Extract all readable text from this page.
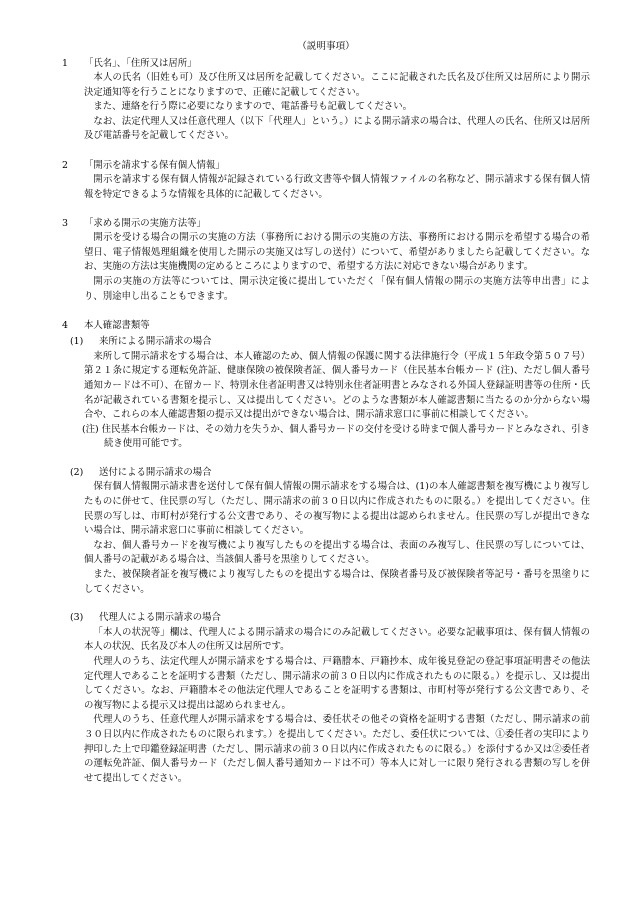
（説明事項）

1 「氏名」、「住所又は居所」

本人の氏名（旧姓も可）及び住所又は居所を記載してください。ここに記載された氏名及び住所又は居所により開示決定通知等を行うことになりますので、正確に記載してください。

また、連絡を行う際に必要になりますので、電話番号も記載してください。

なお、法定代理人又は任意代理人（以下「代理人」という。）による開示請求の場合は、代理人の氏名、住所又は居所及び電話番号を記載してください。

2 「開示を請求する保有個人情報」

開示を請求する保有個人情報が記録されている行政文書等や個人情報ファイルの名称など、開示請求する保有個人情報を特定できるような情報を具体的に記載してください。

3 「求める開示の実施方法等」

開示を受ける場合の開示の実施の方法（事務所における開示の実施の方法、事務所における開示を希望する場合の希望日、電子情報処理組織を使用した開示の実施又は写しの送付）について、希望がありましたら記載してください。なお、実施の方法は実施機関の定めるところによりますので、希望する方法に対応できない場合があります。

開示の実施の方法等については、開示決定後に提出していただく「保有個人情報の開示の実施方法等申出書」により、別途申し出ることもできます。

4 本人確認書類等
(1) 来所による開示請求の場合

来所して開示請求をする場合は、本人確認のため、個人情報の保護に関する法律施行令（平成１５年政令第５０７号）第２１条に規定する運転免許証、健康保険の被保険者証、個人番号カード（住民基本台帳カード (注)、ただし個人番号通知カードは不可）、在留カード、特別永住者証明書又は特別永住者証明書とみなされる外国人登録証明書等の住所・氏名が記載されている書類を提示し、又は提出してください。どのような書類が本人確認書類に当たるのか分からない場合や、これらの本人確認書類の提示又は提出ができない場合は、開示請求窓口に事前に相談してください。

(注) 住民基本台帳カードは、その効力を失うか、個人番号カードの交付を受ける時まで個人番号カードとみなされ、引き続き使用可能です。

(2) 送付による開示請求の場合

保有個人情報開示請求書を送付して保有個人情報の開示請求をする場合は、(1)の本人確認書類を複写機により複写したものに併せて、住民票の写し（ただし、開示請求の前３０日以内に作成されたものに限る。）を提出してください。住民票の写しは、市町村が発行する公文書であり、その複写物による提出は認められません。住民票の写しが提出できない場合は、開示請求窓口に事前に相談してください。

なお、個人番号カードを複写機により複写したものを提出する場合は、表面のみ複写し、住民票の写しについては、個人番号の記載がある場合は、当該個人番号を黒塗りしてください。

また、被保険者証を複写機により複写したものを提出する場合は、保険者番号及び被保険者等記号・番号を黒塗りにしてください。

(3) 代理人による開示請求の場合

「本人の状況等」欄は、代理人による開示請求の場合にのみ記載してください。必要な記載事項は、保有個人情報の本人の状況、氏名及び本人の住所又は居所です。

代理人のうち、法定代理人が開示請求をする場合は、戸籍謄本、戸籍抄本、成年後見登記の登記事項証明書その他法定代理人であることを証明する書類（ただし、開示請求の前３０日以内に作成されたものに限る。）を提示し、又は提出してください。なお、戸籍謄本その他法定代理人であることを証明する書類は、市町村等が発行する公文書であり、その複写物による提示又は提出は認められません。

代理人のうち、任意代理人が開示請求をする場合は、委任状その他その資格を証明する書類（ただし、開示請求の前３０日以内に作成されたものに限られます。）を提出してください。ただし、委任状については、①委任者の実印により押印した上で印鑑登録証明書（ただし、開示請求の前３０日以内に作成されたものに限る。）を添付するか又は②委任者の運転免許証、個人番号カード（ただし個人番号通知カードは不可）等本人に対し一に限り発行される書類の写しを併せて提出してください。
